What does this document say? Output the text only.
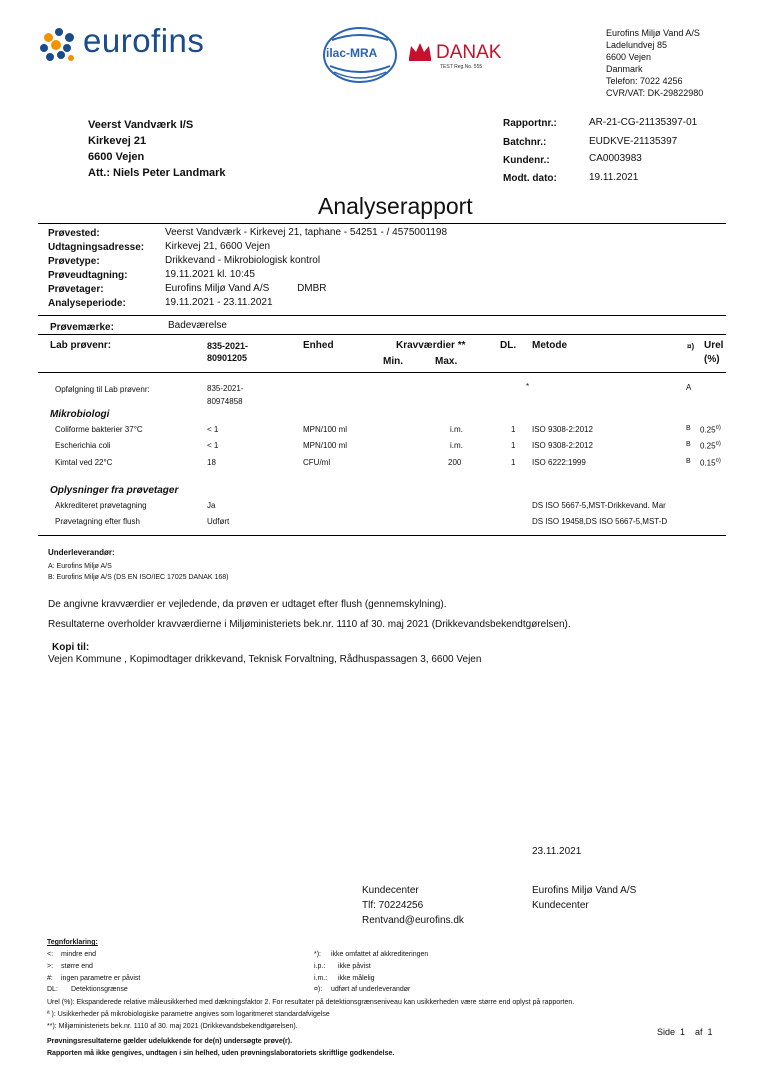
eurofins	ilac-MRA	DANAK
TEST Reg.No. 555
Eurofins Miljø Vand A/S
Ladelundvej 85
6600 Vejen
Danmark
Telefon: 7022 4256
CVR/VAT: DK-29822980
Veerst Vandværk I/S
Kirkevej 21
6600 Vejen
Att.: Niels Peter Landmark
Rapportnr.:	AR-21-CG-21135397-01
Batchnr.:	EUDKVE-21135397
Kundenr.:	CA0003983
Modt. dato:	19.11.2021
Analyserapport
Prøvested:	Veerst Vandværk - Kirkevej 21, taphane - 54251 - / 4575001198
Udtagningsadresse: Kirkevej 21, 6600 Vejen
Prøvetype:	Drikkevand - Mikrobiologisk kontrol
Prøveudtagning:	19.11.2021 kl. 10:45
Prøvetager:	Eurofins Miljø Vand A/S          DMBR
Analyseperiode:	19.11.2021 - 23.11.2021
Prøvemærke:	Badeværelse
Lab prøvenr:	835-2021-
80901205
Enhed	Kravværdier **
Min.	Max.
DL. Metode	¤) Urel
(%)
Opfølgning til Lab prøvenr:	835-2021-
80974858
*	A
Mikrobiologi
Coliforme bakterier 37°C	< 1	MPN/100 ml	i.m.	1 ISO 9308-2:2012	B 0.25¤)
Escherichia coli	< 1	MPN/100 ml	i.m.	1 ISO 9308-2:2012	B 0.25¤)
Kimtal ved 22°C	18	CFU/ml	200	1 ISO 6222:1999	B 0.15¤)
Oplysninger fra prøvetager
Akkrediteret prøvetagning	Ja	DS ISO 5667-5,MST-Drikkevand. Mar
Prøvetagning efter flush	Udført	DS ISO 19458,DS ISO 5667-5,MST-D
Underleverandør:
A: Eurofins Miljø A/S
B: Eurofins Miljø A/S (DS EN ISO/IEC 17025 DANAK 168)
De angivne kravværdier er vejledende, da prøven er udtaget efter flush (gennemskylning).
Resultaterne overholder kravværdierne i Miljøministeriets bek.nr. 1110 af 30. maj 2021 (Drikkevandsbekendtgørelsen).
Kopi til:
Vejen Kommune , Kopimodtager drikkevand, Teknisk Forvaltning, Rådhuspassagen 3, 6600 Vejen
23.11.2021
Kundecenter
Tlf: 70224256
Rentvand@eurofins.dk
Eurofins Miljø Vand A/S
Kundecenter
Tegnforklaring:
<: mindre end
>: større end
#: ingen parametre er påvist
DL: Detektionsgrænse
*): ikke omfattet af akkrediteringen
i.p.: ikke påvist
i.m.: ikke målelig
¤): udført af underleverandør
Urel (%): Ekspanderede relative måleusikkerhed med dækningsfaktor 2. For resultater på detektionsgrænseniveau kan usikkerheden være større end oplyst på rapporten.
ª ): Usikkerheder på mikrobiologiske parametre angives som logaritmeret standardafvigelse
**): Miljøministeriets bek.nr. 1110 af 30. maj 2021 (Drikkevandsbekendtgørelsen).
Side  1    af  1
Prøvningsresultaterne gælder udelukkende for de(n) undersøgte prøve(r).
Rapporten må ikke gengives, undtagen i sin helhed, uden prøvningslaboratoriets skriftlige godkendelse.
